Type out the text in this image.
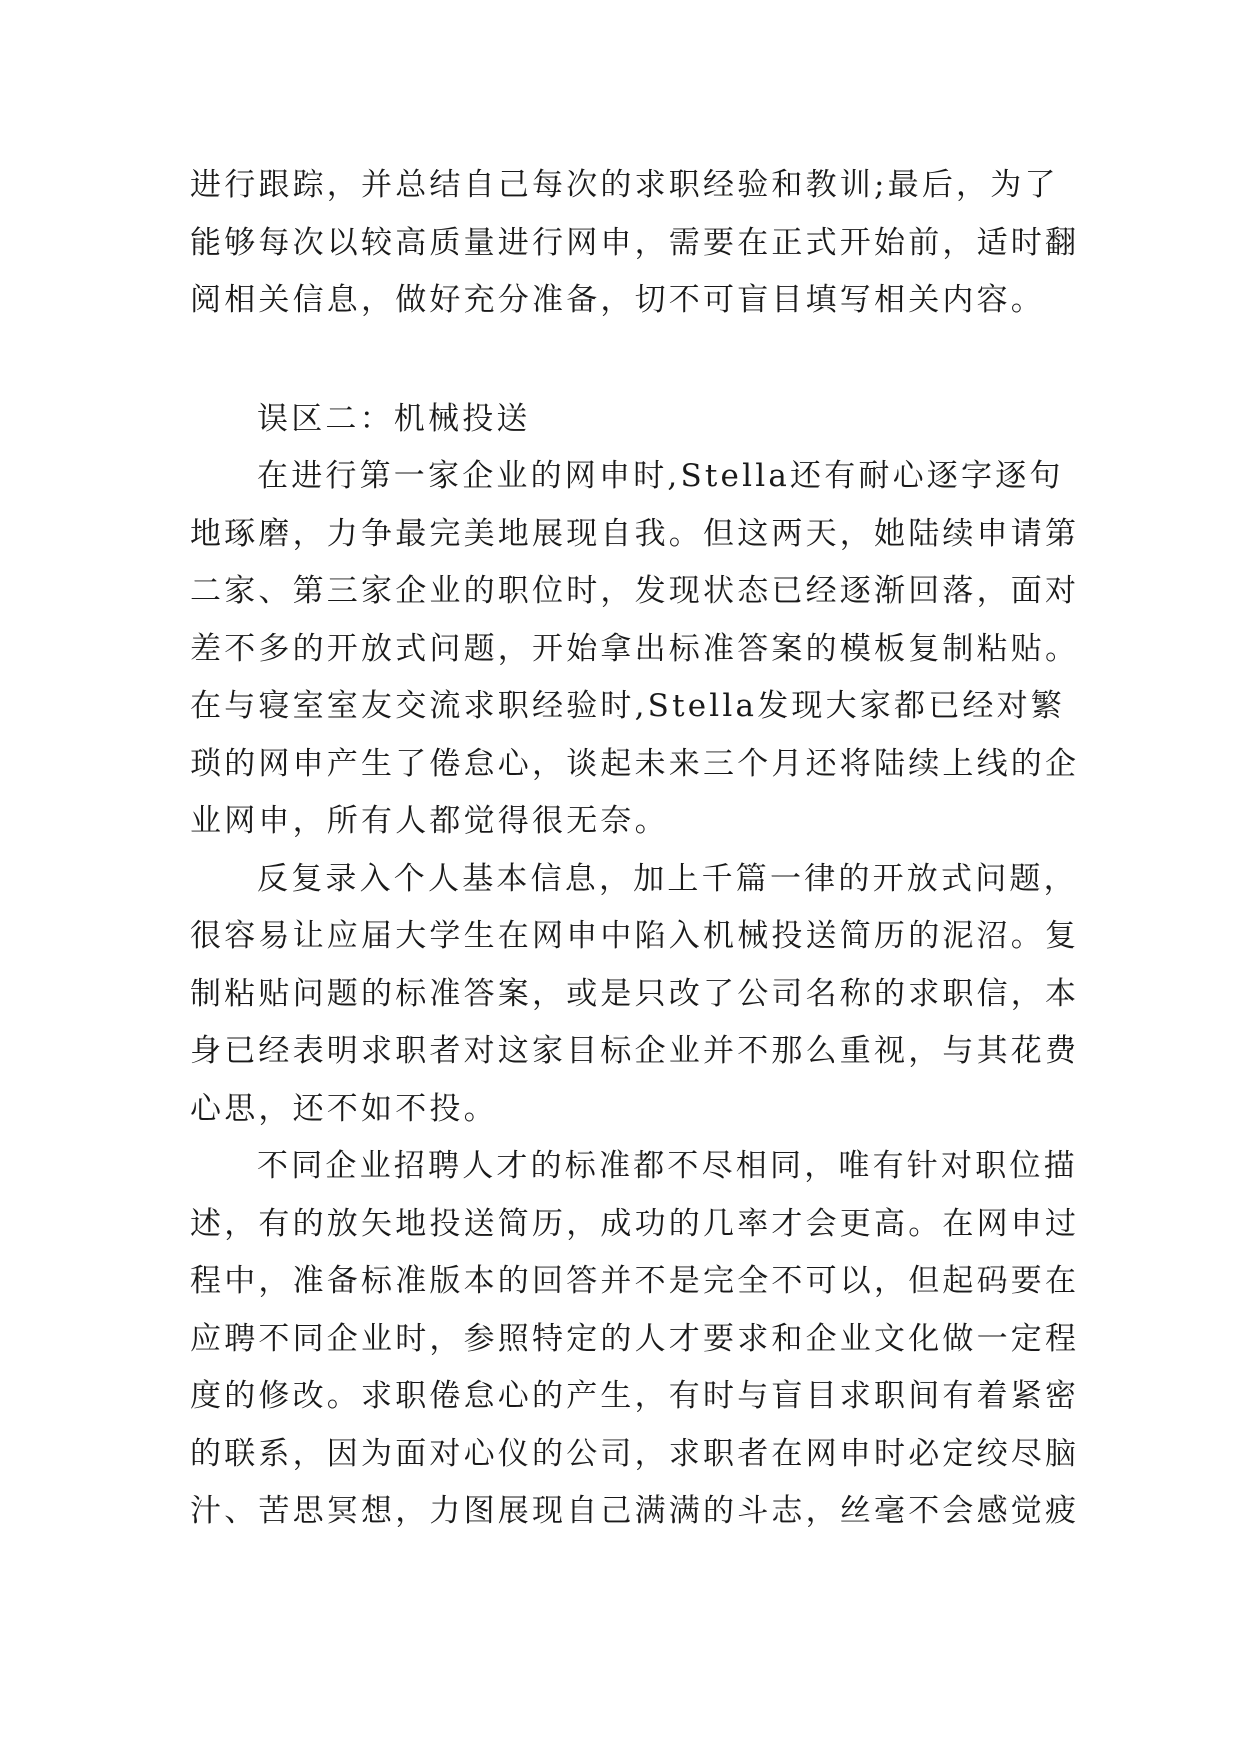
进行跟踪，并总结自己每次的求职经验和教训;最后，为了
能够每次以较高质量进行网申，需要在正式开始前，适时翻
阅相关信息，做好充分准备，切不可盲目填写相关内容。
误区二：机械投送
在进行第一家企业的网申时,Stella还有耐心逐字逐句
地琢磨，力争最完美地展现自我。但这两天，她陆续申请第
二家、第三家企业的职位时，发现状态已经逐渐回落，面对
差不多的开放式问题，开始拿出标准答案的模板复制粘贴。
在与寝室室友交流求职经验时,Stella发现大家都已经对繁
琐的网申产生了倦怠心，谈起未来三个月还将陆续上线的企
业网申，所有人都觉得很无奈。
反复录入个人基本信息，加上千篇一律的开放式问题，
很容易让应届大学生在网申中陷入机械投送简历的泥沼。复
制粘贴问题的标准答案，或是只改了公司名称的求职信，本
身已经表明求职者对这家目标企业并不那么重视，与其花费
心思，还不如不投。
不同企业招聘人才的标准都不尽相同，唯有针对职位描
述，有的放矢地投送简历，成功的几率才会更高。在网申过
程中，准备标准版本的回答并不是完全不可以，但起码要在
应聘不同企业时，参照特定的人才要求和企业文化做一定程
度的修改。求职倦怠心的产生，有时与盲目求职间有着紧密
的联系，因为面对心仪的公司，求职者在网申时必定绞尽脑
汁、苦思冥想，力图展现自己满满的斗志，丝毫不会感觉疲
